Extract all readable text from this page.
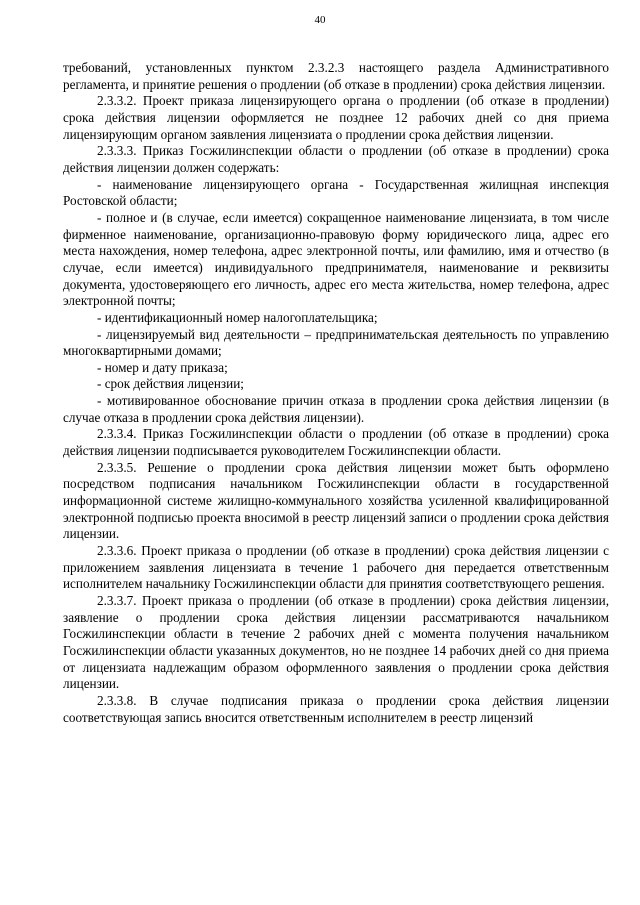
40

требований, установленных пунктом 2.3.2.3 настоящего раздела Административного регламента, и принятие решения о продлении (об отказе в продлении) срока действия лицензии.

2.3.3.2. Проект приказа лицензирующего органа о продлении (об отказе в продлении) срока действия лицензии оформляется не позднее 12 рабочих дней со дня приема лицензирующим органом заявления лицензиата о продлении срока действия лицензии.

2.3.3.3. Приказ Госжилинспекции области о продлении (об отказе в продлении) срока действия лицензии должен содержать:

- наименование лицензирующего органа - Государственная жилищная инспекция Ростовской области;

- полное и (в случае, если имеется) сокращенное наименование лицензиата, в том числе фирменное наименование, организационно-правовую форму юридического лица, адрес его места нахождения, номер телефона, адрес электронной почты, или фамилию, имя и отчество (в случае, если имеется) индивидуального предпринимателя, наименование и реквизиты документа, удостоверяющего его личность, адрес его места жительства, номер телефона, адрес электронной почты;

- идентификационный номер налогоплательщика;

- лицензируемый вид деятельности – предпринимательская деятельность по управлению многоквартирными домами;

- номер и дату приказа;

- срок действия лицензии;

- мотивированное обоснование причин отказа в продлении срока действия лицензии (в случае отказа в продлении срока действия лицензии).

2.3.3.4. Приказ Госжилинспекции области о продлении (об отказе в продлении) срока действия лицензии подписывается руководителем Госжилинспекции области.

2.3.3.5. Решение о продлении срока действия лицензии может быть оформлено посредством подписания начальником Госжилинспекции области в государственной информационной системе жилищно-коммунального хозяйства усиленной квалифицированной электронной подписью проекта вносимой в реестр лицензий записи о продлении срока действия лицензии.

2.3.3.6. Проект приказа о продлении (об отказе в продлении) срока действия лицензии с приложением заявления лицензиата в течение 1 рабочего дня передается ответственным исполнителем начальнику Госжилинспекции области для принятия соответствующего решения.

2.3.3.7. Проект приказа о продлении (об отказе в продлении) срока действия лицензии, заявление о продлении срока действия лицензии рассматриваются начальником Госжилинспекции области в течение 2 рабочих дней с момента получения начальником Госжилинспекции области указанных документов, но не позднее 14 рабочих дней со дня приема от лицензиата надлежащим образом оформленного заявления о продлении срока действия лицензии.

2.3.3.8. В случае подписания приказа о продлении срока действия лицензии соответствующая запись вносится ответственным исполнителем в реестр лицензий
